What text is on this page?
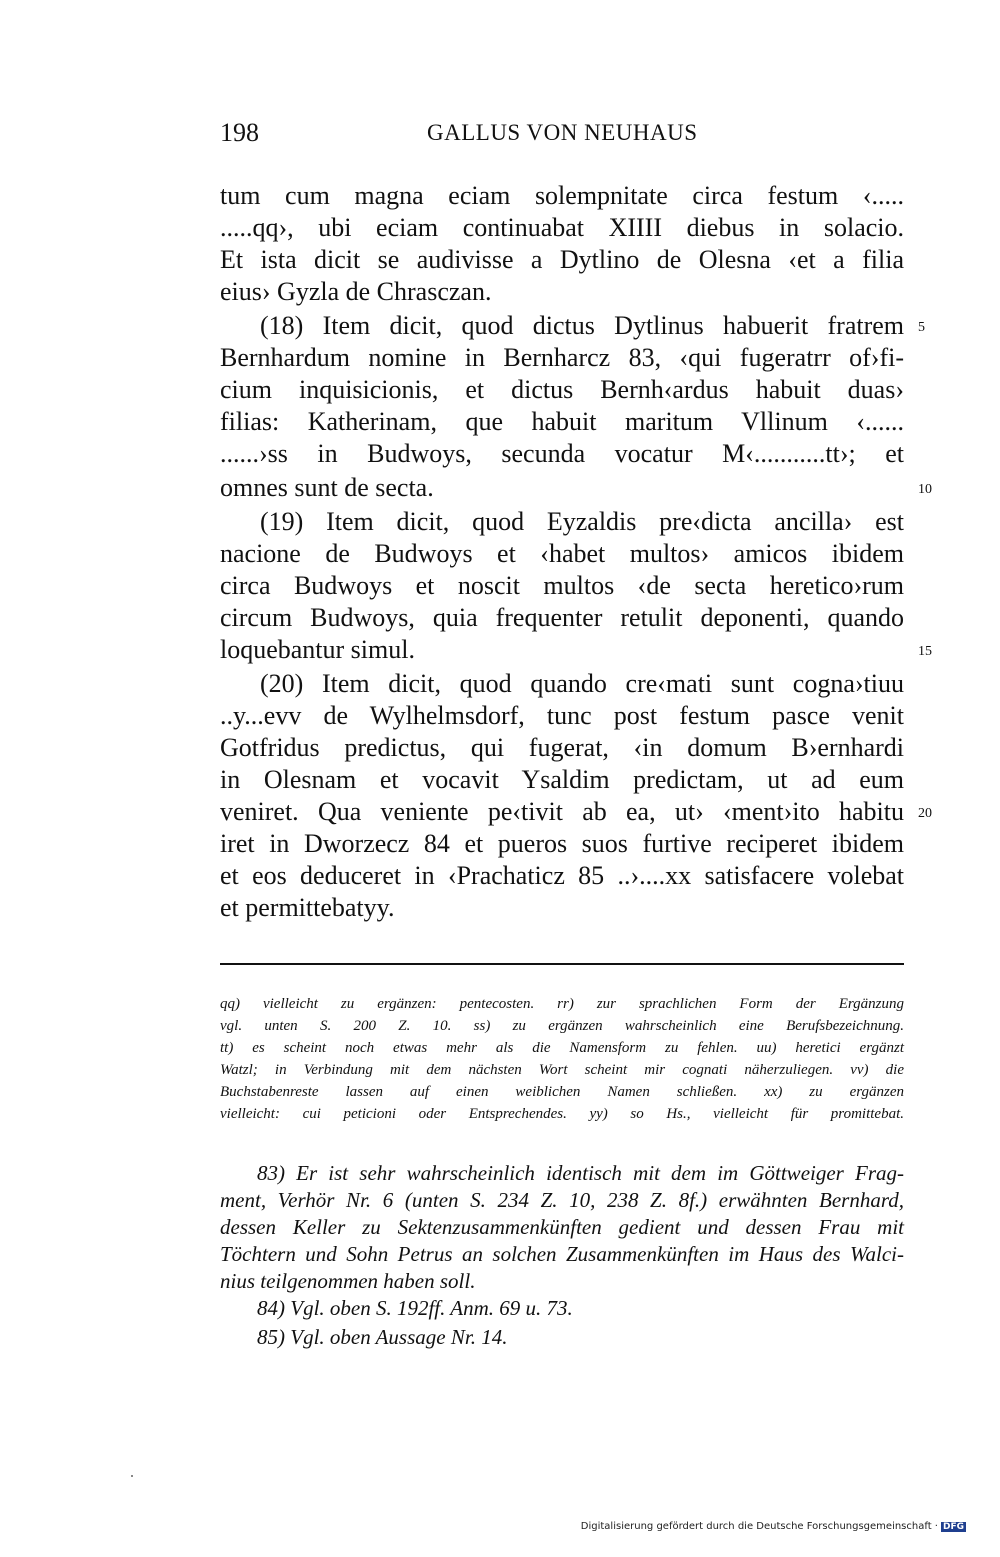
198	GALLUS VON NEUHAUS
tum cum magna eciam solempnitate circa festum ‹.....
.....qq›, ubi eciam continuabat XIIII diebus in solacio.
Et ista dicit se audivisse a Dytlino de Olesna ‹et a filia
eius› Gyzla de Chrasczan.
(18) Item dicit, quod dictus Dytlinus habuerit fratrem
Bernhardum nomine in Bernharcz 83, ‹qui fugeratrr of›fi-
cium inquisicionis, et dictus Bernh‹ardus habuit duas›
filias: Katherinam, que habuit maritum Vllinum ‹......
......›ss in Budwoys, secunda vocatur M‹...........tt›; et
omnes sunt de secta.
(19) Item dicit, quod Eyzaldis pre‹dicta ancilla› est
nacione de Budwoys et ‹habet multos› amicos ibidem
circa Budwoys et noscit multos ‹de secta heretico›rum
circum Budwoys, quia frequenter retulit deponenti, quando
loquebantur simul.
(20) Item dicit, quod quando cre‹mati sunt cogna›tiuu
..y...evv de Wylhelmsdorf, tunc post festum pasce venit
Gotfridus predictus, qui fugerat, ‹in domum B›ernhardi
in Olesnam et vocavit Ysaldim predictam, ut ad eum
veniret. Qua veniente pe‹tivit ab ea, ut› ‹ment›ito habitu
iret in Dworzecz 84 et pueros suos furtive reciperet ibidem
et eos deduceret in ‹Prachaticz 85 ..›....xx satisfacere volebat
et permittebatyy.
5
10
15
20
qq) vielleicht zu ergänzen: pentecosten. rr) zur sprachlichen Form der Ergänzung
vgl. unten S. 200 Z. 10. ss) zu ergänzen wahrscheinlich eine Berufsbezeichnung.
tt) es scheint noch etwas mehr als die Namensform zu fehlen. uu) heretici ergänzt
Watzl; in Verbindung mit dem nächsten Wort scheint mir cognati näherzuliegen. vv) die
Buchstabenreste lassen auf einen weiblichen Namen schließen. xx) zu ergänzen
vielleicht: cui peticioni oder Entsprechendes. yy) so Hs., vielleicht für promittebat.
83) Er ist sehr wahrscheinlich identisch mit dem im Göttweiger Frag-
ment, Verhör Nr. 6 (unten S. 234 Z. 10, 238 Z. 8f.) erwähnten Bernhard,
dessen Keller zu Sektenzusammenkünften gedient und dessen Frau mit
Töchtern und Sohn Petrus an solchen Zusammenkünften im Haus des Walci-
nius teilgenommen haben soll.
84) Vgl. oben S. 192ff. Anm. 69 u. 73.
85) Vgl. oben Aussage Nr. 14.
Digitalisierung gefördert durch die Deutsche Forschungsgemeinschaft · DFG
